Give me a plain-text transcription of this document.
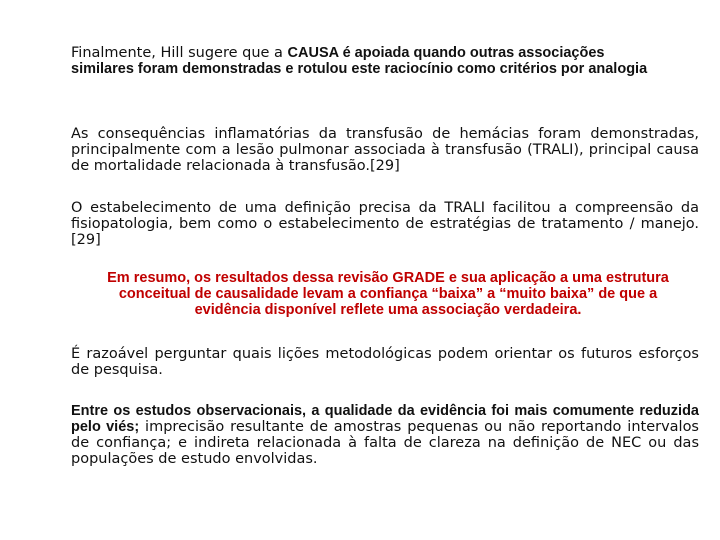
Finalmente, Hill sugere que a CAUSA é apoiada quando outras associações similares foram demonstradas e rotulou este raciocínio como critérios por analogia
As consequências inflamatórias da transfusão de hemácias foram demonstradas, principalmente com a lesão pulmonar associada à transfusão (TRALI), principal causa de mortalidade relacionada à transfusão.[29]
O estabelecimento de uma definição precisa da TRALI facilitou a compreensão da fisiopatologia, bem como o estabelecimento de estratégias de tratamento / manejo.[29]
Em resumo, os resultados dessa revisão GRADE e sua aplicação a uma estrutura conceitual de causalidade levam a confiança “baixa” a “muito baixa” de que a evidência disponível reflete uma associação verdadeira.
É razoável perguntar quais lições metodológicas podem orientar os futuros esforços de pesquisa.
Entre os estudos observacionais, a qualidade da evidência foi mais comumente reduzida pelo viés; imprecisão resultante de amostras pequenas ou não reportando intervalos de confiança; e indireta relacionada à falta de clareza na definição de NEC ou das populações de estudo envolvidas.
